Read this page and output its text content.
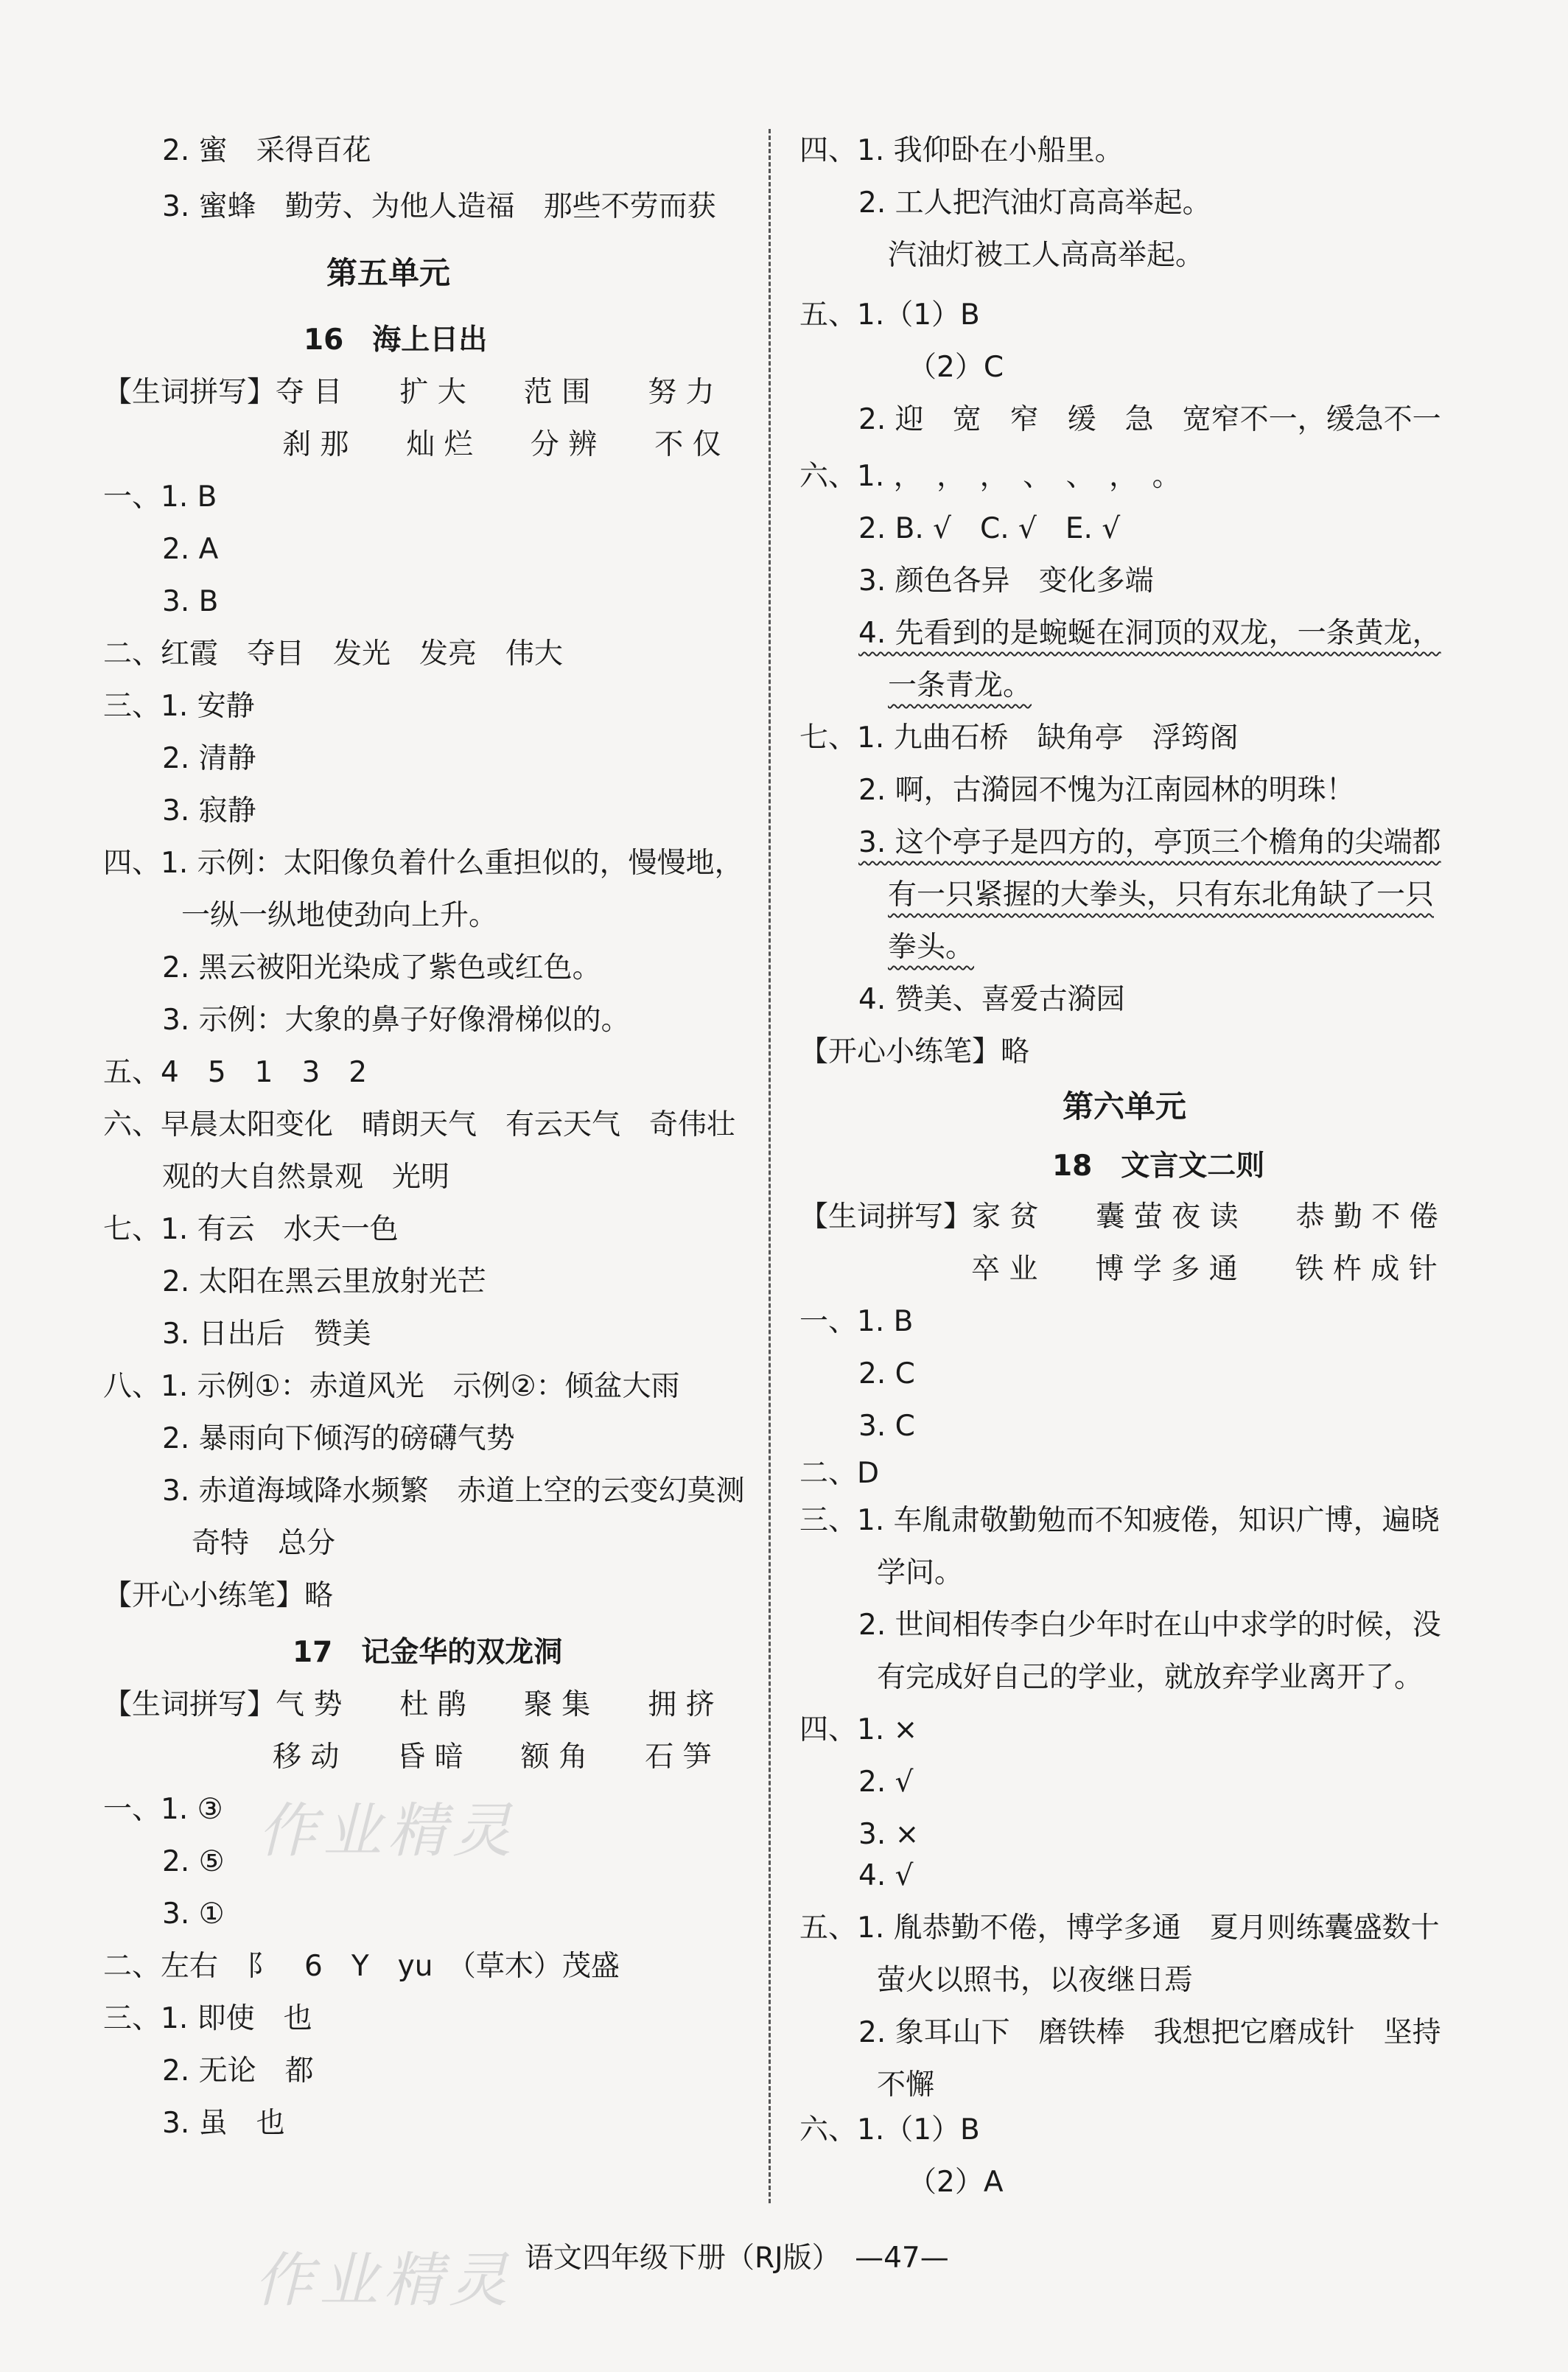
2. 蜜　采得百花
3. 蜜蜂　勤劳、为他人造福　那些不劳而获
第五单元
16　海上日出
【生词拼写】夺 目　　扩 大　　范 围　　努 力
刹 那　　灿 烂　　分 辨　　不 仅
一、1. B
2. A
3. B
二、红霞　夺目　发光　发亮　伟大
三、1. 安静
2. 清静
3. 寂静
四、1. 示例：太阳像负着什么重担似的，慢慢地，
一纵一纵地使劲向上升。
2. 黑云被阳光染成了紫色或红色。
3. 示例：大象的鼻子好像滑梯似的。
五、4　5　1　3　2
六、早晨太阳变化　晴朗天气　有云天气　奇伟壮
观的大自然景观　光明
七、1. 有云　水天一色
2. 太阳在黑云里放射光芒
3. 日出后　赞美
八、1. 示例①：赤道风光　示例②：倾盆大雨
2. 暴雨向下倾泻的磅礴气势
3. 赤道海域降水频繁　赤道上空的云变幻莫测
奇特　总分
【开心小练笔】略
17　记金华的双龙洞
【生词拼写】气 势　　杜 鹃　　聚 集　　拥 挤
移 动　　昏 暗　　额 角　　石 笋
一、1. ③
2. ⑤
3. ①
二、左右　阝　6　Y　yu　（草木）茂盛
三、1. 即使　也
2. 无论　都
3. 虽　也
四、1. 我仰卧在小船里。
2. 工人把汽油灯高高举起。
汽油灯被工人高高举起。
五、1.（1）B
（2）C
2. 迎　宽　窄　缓　急　宽窄不一，缓急不一
六、1. ，　，　，　、　、　，　。
2. B. √　C. √　E. √
3. 颜色各异　变化多端
4. 先看到的是蜿蜒在洞顶的双龙，一条黄龙，
一条青龙。
七、1. 九曲石桥　缺角亭　浮筠阁
2. 啊，古漪园不愧为江南园林的明珠！
3. 这个亭子是四方的，亭顶三个檐角的尖端都
有一只紧握的大拳头，只有东北角缺了一只
拳头。
4. 赞美、喜爱古漪园
【开心小练笔】略
第六单元
18　文言文二则
【生词拼写】家 贫　　囊 萤 夜 读　　恭 勤 不 倦
卒 业　　博 学 多 通　　铁 杵 成 针
一、1. B
2. C
3. C
二、D
三、1. 车胤肃敬勤勉而不知疲倦，知识广博，遍晓
学问。
2. 世间相传李白少年时在山中求学的时候，没
有完成好自己的学业，就放弃学业离开了。
四、1. ×
2. √
3. ×
4. √
五、1. 胤恭勤不倦，博学多通　夏月则练囊盛数十
萤火以照书，以夜继日焉
2. 象耳山下　磨铁棒　我想把它磨成针　坚持
不懈
六、1.（1）B
（2）A
作业精灵
作业精灵 语文四年级下册（RJ版）　—47—
